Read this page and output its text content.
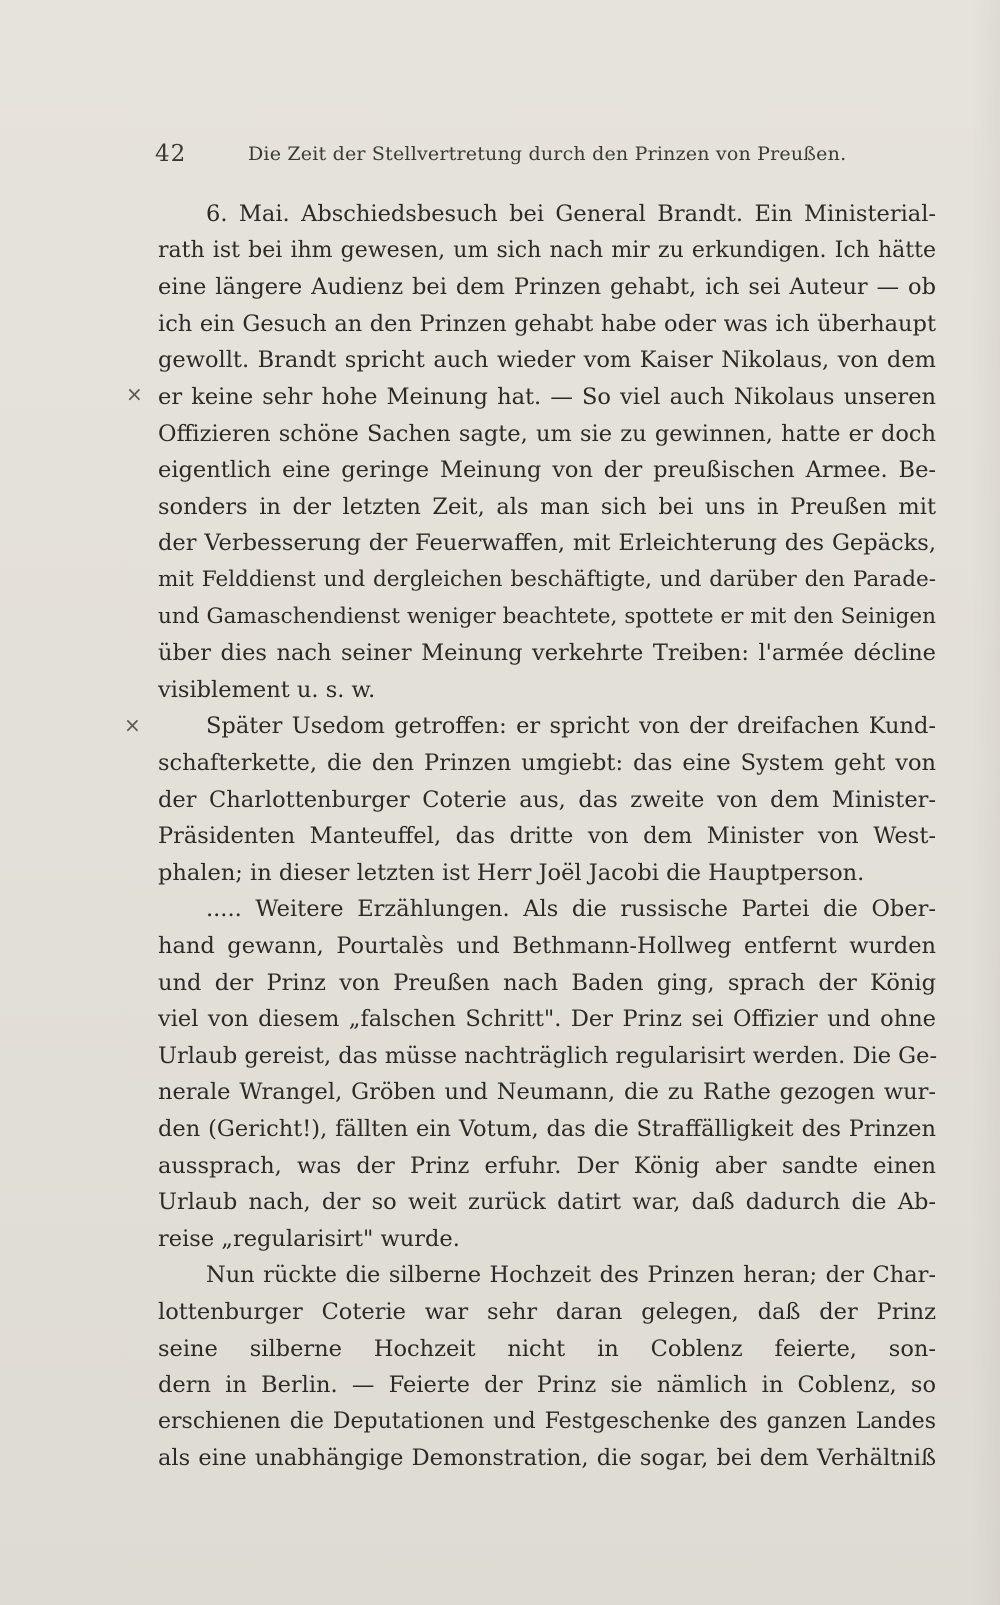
42	Die Zeit der Stellvertretung durch den Prinzen von Preußen.
×
×
6. Mai. Abschiedsbesuch bei General Brandt. Ein Ministerial-
rath ist bei ihm gewesen, um sich nach mir zu erkundigen. Ich hätte
eine längere Audienz bei dem Prinzen gehabt, ich sei Auteur — ob
ich ein Gesuch an den Prinzen gehabt habe oder was ich überhaupt
gewollt. Brandt spricht auch wieder vom Kaiser Nikolaus, von dem
er keine sehr hohe Meinung hat. — So viel auch Nikolaus unseren
Offizieren schöne Sachen sagte, um sie zu gewinnen, hatte er doch
eigentlich eine geringe Meinung von der preußischen Armee. Be-
sonders in der letzten Zeit, als man sich bei uns in Preußen mit
der Verbesserung der Feuerwaffen, mit Erleichterung des Gepäcks,
mit Felddienst und dergleichen beschäftigte, und darüber den Parade-
und Gamaschendienst weniger beachtete, spottete er mit den Seinigen
über dies nach seiner Meinung verkehrte Treiben: l'armée décline
visiblement u. s. w.
Später Usedom getroffen: er spricht von der dreifachen Kund-
schafterkette, die den Prinzen umgiebt: das eine System geht von
der Charlottenburger Coterie aus, das zweite von dem Minister-
Präsidenten Manteuffel, das dritte von dem Minister von West-
phalen; in dieser letzten ist Herr Joël Jacobi die Hauptperson.
..... Weitere Erzählungen. Als die russische Partei die Ober-
hand gewann, Pourtalès und Bethmann-Hollweg entfernt wurden
und der Prinz von Preußen nach Baden ging, sprach der König
viel von diesem „falschen Schritt". Der Prinz sei Offizier und ohne
Urlaub gereist, das müsse nachträglich regularisirt werden. Die Ge-
nerale Wrangel, Gröben und Neumann, die zu Rathe gezogen wur-
den (Gericht!), fällten ein Votum, das die Straffälligkeit des Prinzen
aussprach, was der Prinz erfuhr. Der König aber sandte einen
Urlaub nach, der so weit zurück datirt war, daß dadurch die Ab-
reise „regularisirt" wurde.
Nun rückte die silberne Hochzeit des Prinzen heran; der Char-
lottenburger Coterie war sehr daran gelegen, daß der Prinz
seine silberne Hochzeit nicht in Coblenz feierte, son-
dern in Berlin. — Feierte der Prinz sie nämlich in Coblenz, so
erschienen die Deputationen und Festgeschenke des ganzen Landes
als eine unabhängige Demonstration, die sogar, bei dem Verhältniß
